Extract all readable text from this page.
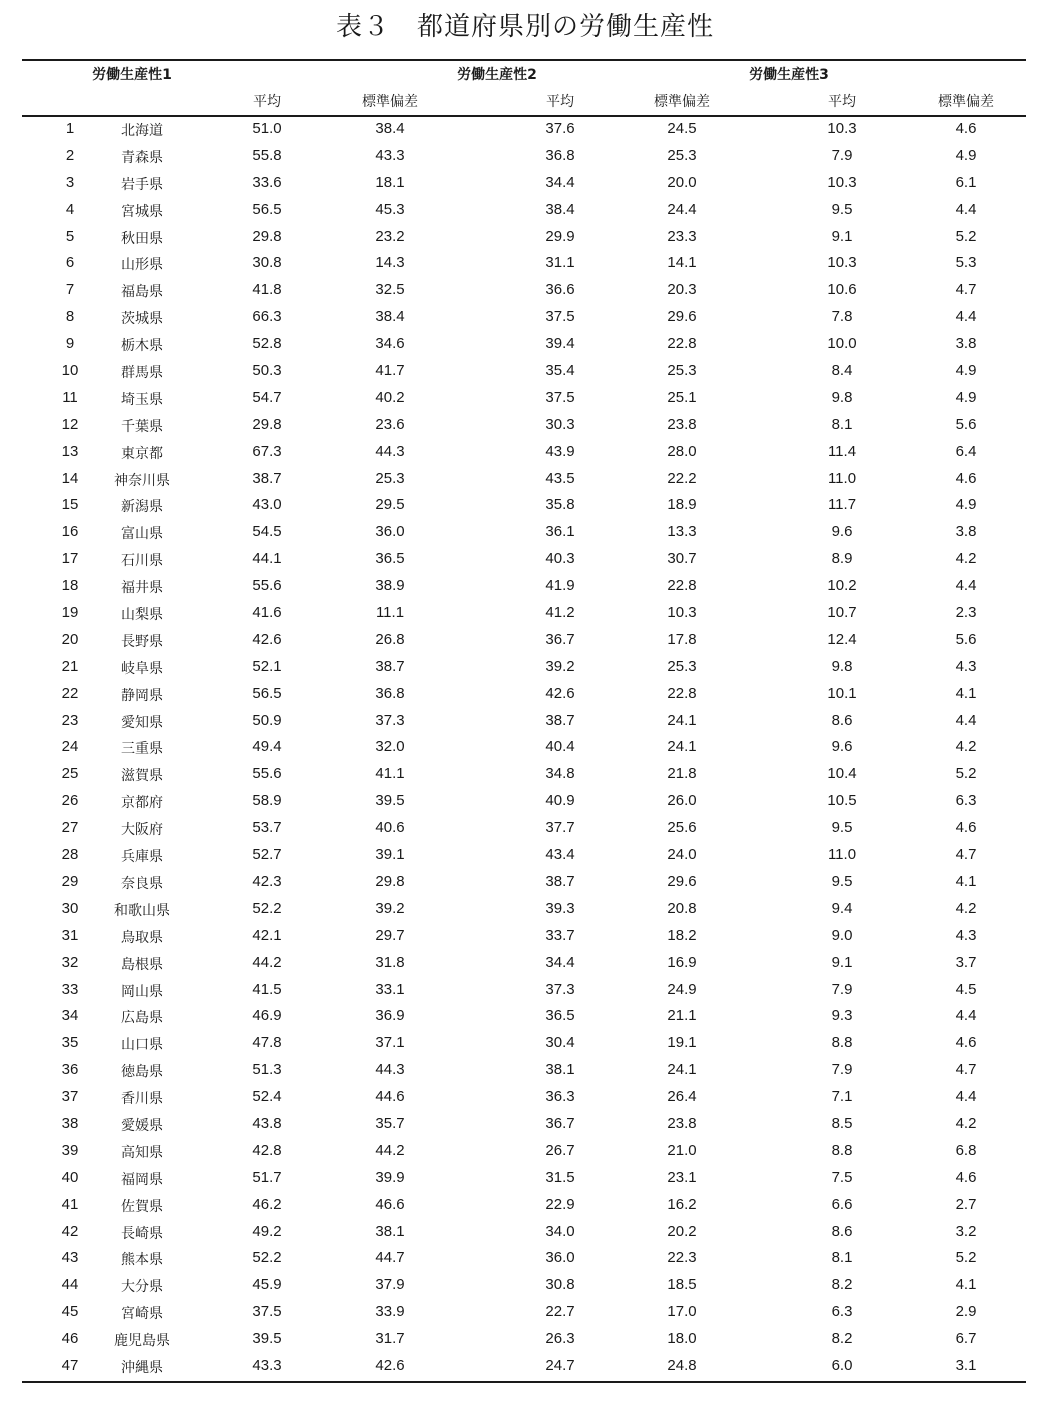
表３　都道府県別の労働生産性
労働生産性1	労働生産性2	労働生産性3
平均	標準偏差	平均	標準偏差	平均	標準偏差
1	北海道	51.0	38.4	37.6	24.5	10.3	4.6
2	青森県	55.8	43.3	36.8	25.3	7.9	4.9
3	岩手県	33.6	18.1	34.4	20.0	10.3	6.1
4	宮城県	56.5	45.3	38.4	24.4	9.5	4.4
5	秋田県	29.8	23.2	29.9	23.3	9.1	5.2
6	山形県	30.8	14.3	31.1	14.1	10.3	5.3
7	福島県	41.8	32.5	36.6	20.3	10.6	4.7
8	茨城県	66.3	38.4	37.5	29.6	7.8	4.4
9	栃木県	52.8	34.6	39.4	22.8	10.0	3.8
10	群馬県	50.3	41.7	35.4	25.3	8.4	4.9
11	埼玉県	54.7	40.2	37.5	25.1	9.8	4.9
12	千葉県	29.8	23.6	30.3	23.8	8.1	5.6
13	東京都	67.3	44.3	43.9	28.0	11.4	6.4
14	神奈川県	38.7	25.3	43.5	22.2	11.0	4.6
15	新潟県	43.0	29.5	35.8	18.9	11.7	4.9
16	富山県	54.5	36.0	36.1	13.3	9.6	3.8
17	石川県	44.1	36.5	40.3	30.7	8.9	4.2
18	福井県	55.6	38.9	41.9	22.8	10.2	4.4
19	山梨県	41.6	11.1	41.2	10.3	10.7	2.3
20	長野県	42.6	26.8	36.7	17.8	12.4	5.6
21	岐阜県	52.1	38.7	39.2	25.3	9.8	4.3
22	静岡県	56.5	36.8	42.6	22.8	10.1	4.1
23	愛知県	50.9	37.3	38.7	24.1	8.6	4.4
24	三重県	49.4	32.0	40.4	24.1	9.6	4.2
25	滋賀県	55.6	41.1	34.8	21.8	10.4	5.2
26	京都府	58.9	39.5	40.9	26.0	10.5	6.3
27	大阪府	53.7	40.6	37.7	25.6	9.5	4.6
28	兵庫県	52.7	39.1	43.4	24.0	11.0	4.7
29	奈良県	42.3	29.8	38.7	29.6	9.5	4.1
30	和歌山県	52.2	39.2	39.3	20.8	9.4	4.2
31	鳥取県	42.1	29.7	33.7	18.2	9.0	4.3
32	島根県	44.2	31.8	34.4	16.9	9.1	3.7
33	岡山県	41.5	33.1	37.3	24.9	7.9	4.5
34	広島県	46.9	36.9	36.5	21.1	9.3	4.4
35	山口県	47.8	37.1	30.4	19.1	8.8	4.6
36	徳島県	51.3	44.3	38.1	24.1	7.9	4.7
37	香川県	52.4	44.6	36.3	26.4	7.1	4.4
38	愛媛県	43.8	35.7	36.7	23.8	8.5	4.2
39	高知県	42.8	44.2	26.7	21.0	8.8	6.8
40	福岡県	51.7	39.9	31.5	23.1	7.5	4.6
41	佐賀県	46.2	46.6	22.9	16.2	6.6	2.7
42	長崎県	49.2	38.1	34.0	20.2	8.6	3.2
43	熊本県	52.2	44.7	36.0	22.3	8.1	5.2
44	大分県	45.9	37.9	30.8	18.5	8.2	4.1
45	宮崎県	37.5	33.9	22.7	17.0	6.3	2.9
46	鹿児島県	39.5	31.7	26.3	18.0	8.2	6.7
47	沖縄県	43.3	42.6	24.7	24.8	6.0	3.1
